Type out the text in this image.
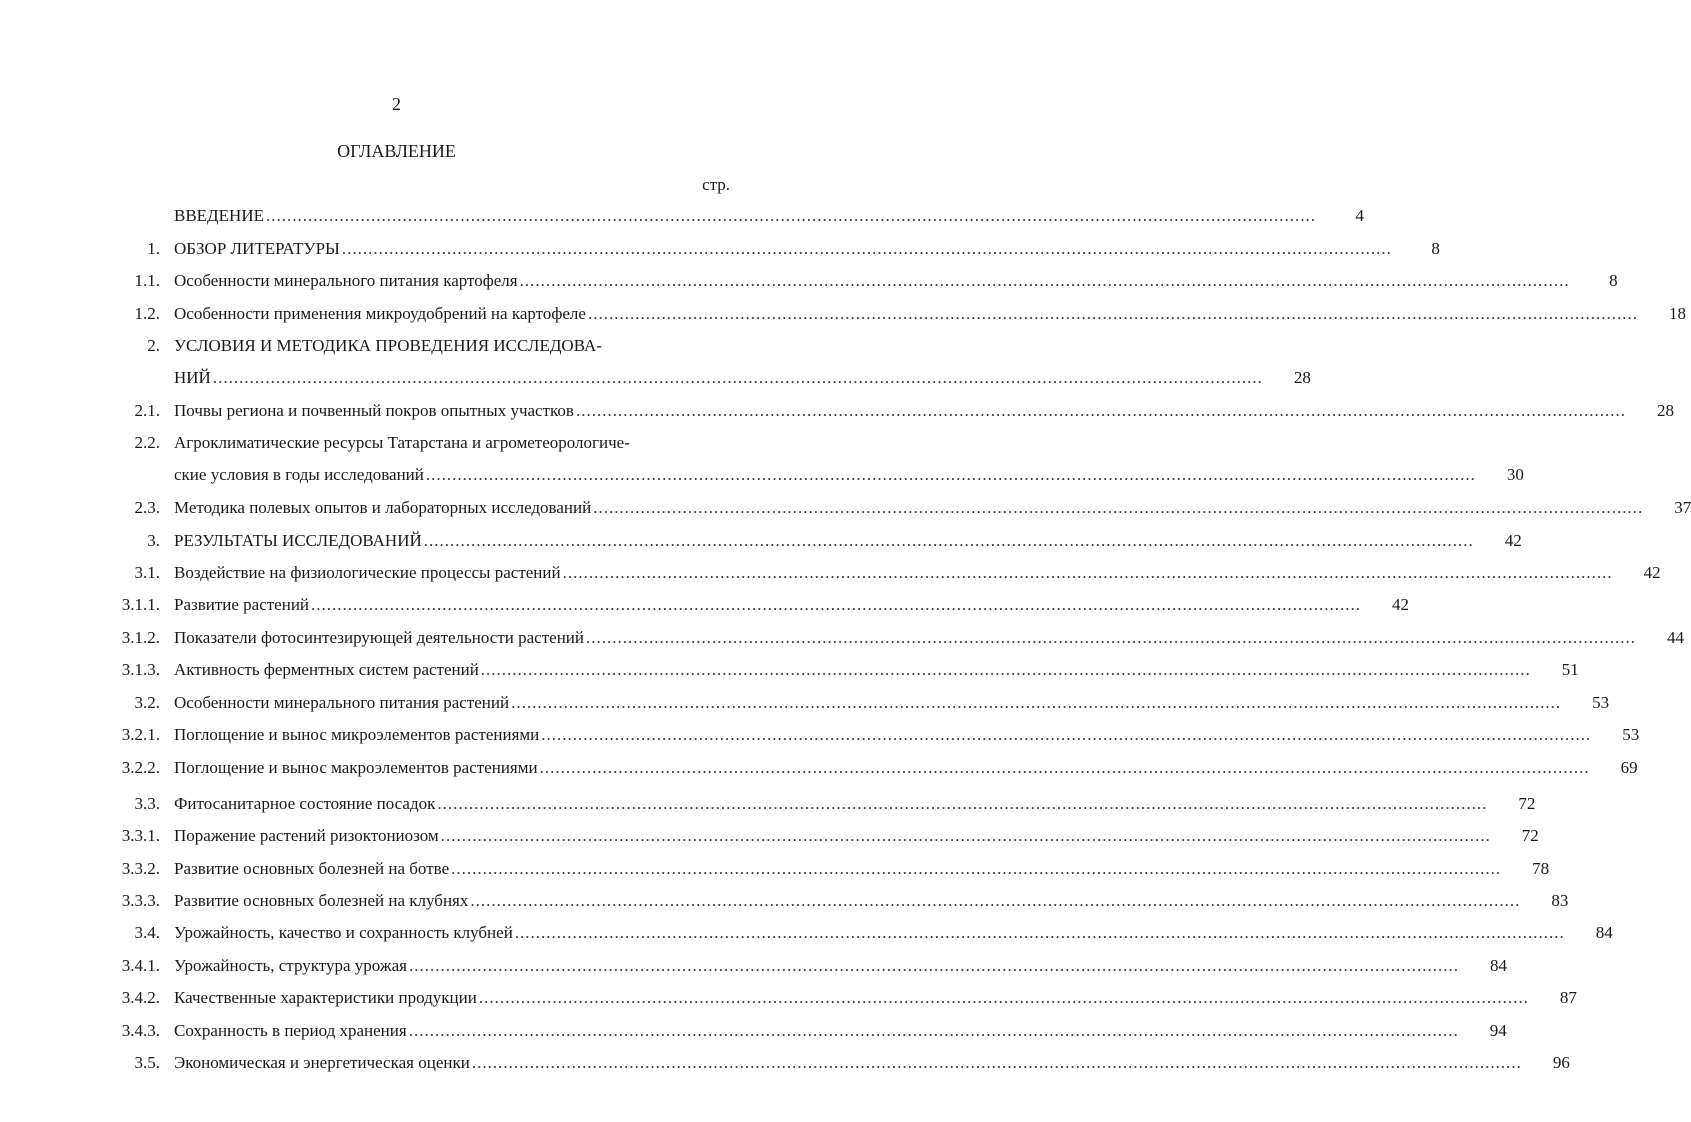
2
ОГЛАВЛЕНИЕ
стр.
ВВЕДЕНИЕ ........................................................................................................................................................................................................	4
1. ОБЗОР ЛИТЕРАТУРЫ ........................................................................................................................................................................................................	8
1.1. Особенности минерального питания картофеля ........................................................................................................................................................................................................	8
1.2. Особенности применения микроудобрений на картофеле ........................................................................................................................................................................................................	18
2. УСЛОВИЯ И МЕТОДИКА ПРОВЕДЕНИЯ ИССЛЕДОВА-
НИЙ ........................................................................................................................................................................................................	28
2.1. Почвы региона и почвенный покров опытных участков ........................................................................................................................................................................................................	28
2.2. Агроклиматические ресурсы Татарстана и агрометеорологиче-
ские условия в годы исследований ........................................................................................................................................................................................................	30
2.3. Методика полевых опытов и лабораторных исследований ........................................................................................................................................................................................................	37
3. РЕЗУЛЬТАТЫ ИССЛЕДОВАНИЙ ........................................................................................................................................................................................................	42
3.1. Воздействие на физиологические процессы растений ........................................................................................................................................................................................................	42
3.1.1. Развитие растений ........................................................................................................................................................................................................	42
3.1.2. Показатели фотосинтезирующей деятельности растений ........................................................................................................................................................................................................	44
3.1.3. Активность ферментных систем растений ........................................................................................................................................................................................................	51
3.2. Особенности минерального питания растений ........................................................................................................................................................................................................	53
3.2.1. Поглощение и вынос микроэлементов растениями ........................................................................................................................................................................................................	53
3.2.2. Поглощение и вынос макроэлементов растениями ........................................................................................................................................................................................................	69
3.3. Фитосанитарное состояние посадок ........................................................................................................................................................................................................	72
3.3.1. Поражение растений ризоктониозом ........................................................................................................................................................................................................	72
3.3.2. Развитие основных болезней на ботве ........................................................................................................................................................................................................	78
3.3.3. Развитие основных болезней на клубнях ........................................................................................................................................................................................................	83
3.4. Урожайность, качество и сохранность клубней ........................................................................................................................................................................................................	84
3.4.1. Урожайность, структура урожая ........................................................................................................................................................................................................	84
3.4.2. Качественные характеристики продукции ........................................................................................................................................................................................................	87
3.4.3. Сохранность в период хранения ........................................................................................................................................................................................................	94
3.5. Экономическая и энергетическая оценки ........................................................................................................................................................................................................	96
